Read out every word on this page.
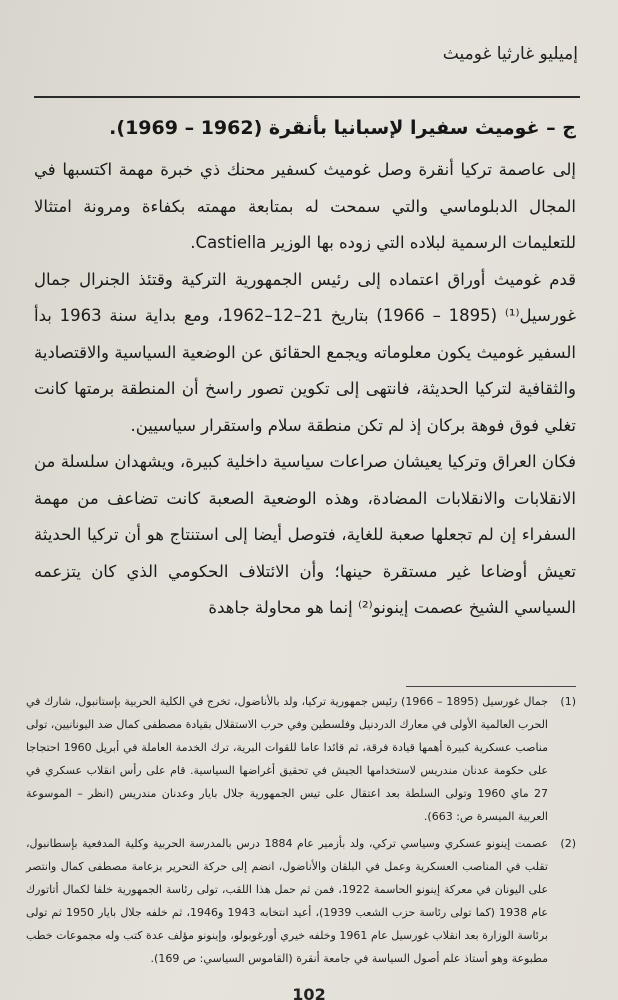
إميليو غارثيا غوميث
ج – غوميث سفيرا لإسبانيا بأنقرة (1962 – 1969).

إلى عاصمة تركيا أنقرة وصل غوميث كسفير محنك ذي خبرة مهمة اكتسبها في المجال الدبلوماسي والتي سمحت له بمتابعة مهمته بكفاءة ومرونة امتثالا للتعليمات الرسمية لبلاده التي زوده بها الوزير Castiella.

قدم غوميث أوراق اعتماده إلى رئيس الجمهورية التركية وقتئذ الجنرال جمال غورسيل⁽¹⁾ (1895 – 1966) بتاريخ 21–12–1962، ومع بداية سنة 1963 بدأ السفير غوميث يكون معلوماته ويجمع الحقائق عن الوضعية السياسية والاقتصادية والثقافية لتركيا الحديثة، فانتهى إلى تكوين تصور راسخ أن المنطقة برمتها كانت تغلي فوق فوهة بركان إذ لم تكن منطقة سلام واستقرار سياسيين.

فكان العراق وتركيا يعيشان صراعات سياسية داخلية كبيرة، ويشهدان سلسلة من الانقلابات والانقلابات المضادة، وهذه الوضعية الصعبة كانت تضاعف من مهمة السفراء إن لم تجعلها صعبة للغاية، فتوصل أيضا إلى استنتاج هو أن تركيا الحديثة تعيش أوضاعا غير مستقرة حينها؛ وأن الائتلاف الحكومي الذي كان يتزعمه السياسي الشيخ عصمت إينونو⁽²⁾ إنما هو محاولة جاهدة

(1)
جمال غورسيل (1895 – 1966) رئيس جمهورية تركيا، ولد بالأناضول، تخرج في الكلية الحربية بإستانبول، شارك في الحرب العالمية الأولى في معارك الدردنيل وفلسطين وفي حرب الاستقلال بقيادة مصطفى كمال ضد اليونانيين، تولى مناصب عسكرية كبيرة أهمها قيادة فرقة، ثم قائدا عاما للقوات البرية، ترك الخدمة العاملة في أبريل 1960 احتجاجا على حكومة عدنان مندريس لاستخدامها الجيش في تحقيق أغراضها السياسية. قام على رأس انقلاب عسكري في 27 ماي 1960 وتولى السلطة بعد اعتقال على تيس الجمهورية جلال بايار وعدنان مندريس (انظر – الموسوعة العربية الميسرة ص: 663).

(2)
عصمت إينونو عسكري وسياسي تركي، ولد بأزمير عام 1884 درس بالمدرسة الحربية وكلية المدفعية بإسطانبول، تقلب في المناصب العسكرية وعمل في البلقان والأناضول، انضم إلى حركة التحرير بزعامة مصطفى كمال وانتصر على اليونان في معركة إينونو الحاسمة 1922، فمن ثم حمل هذا اللقب، تولى رئاسة الجمهورية خلفا لكمال أتاتورك عام 1938 (كما تولى رئاسة حزب الشعب 1939)، أعيد انتخابه 1943 و1946، ثم خلفه جلال بايار 1950 ثم تولى برئاسة الوزارة بعد انقلاب غورسيل عام 1961 وخلفه خيري أورغوبولو، وإينونو مؤلف عدة كتب وله مجموعات خطب مطبوعة وهو أستاذ علم أصول السياسة في جامعة أنقرة (القاموس السياسي: ص 169).

102
